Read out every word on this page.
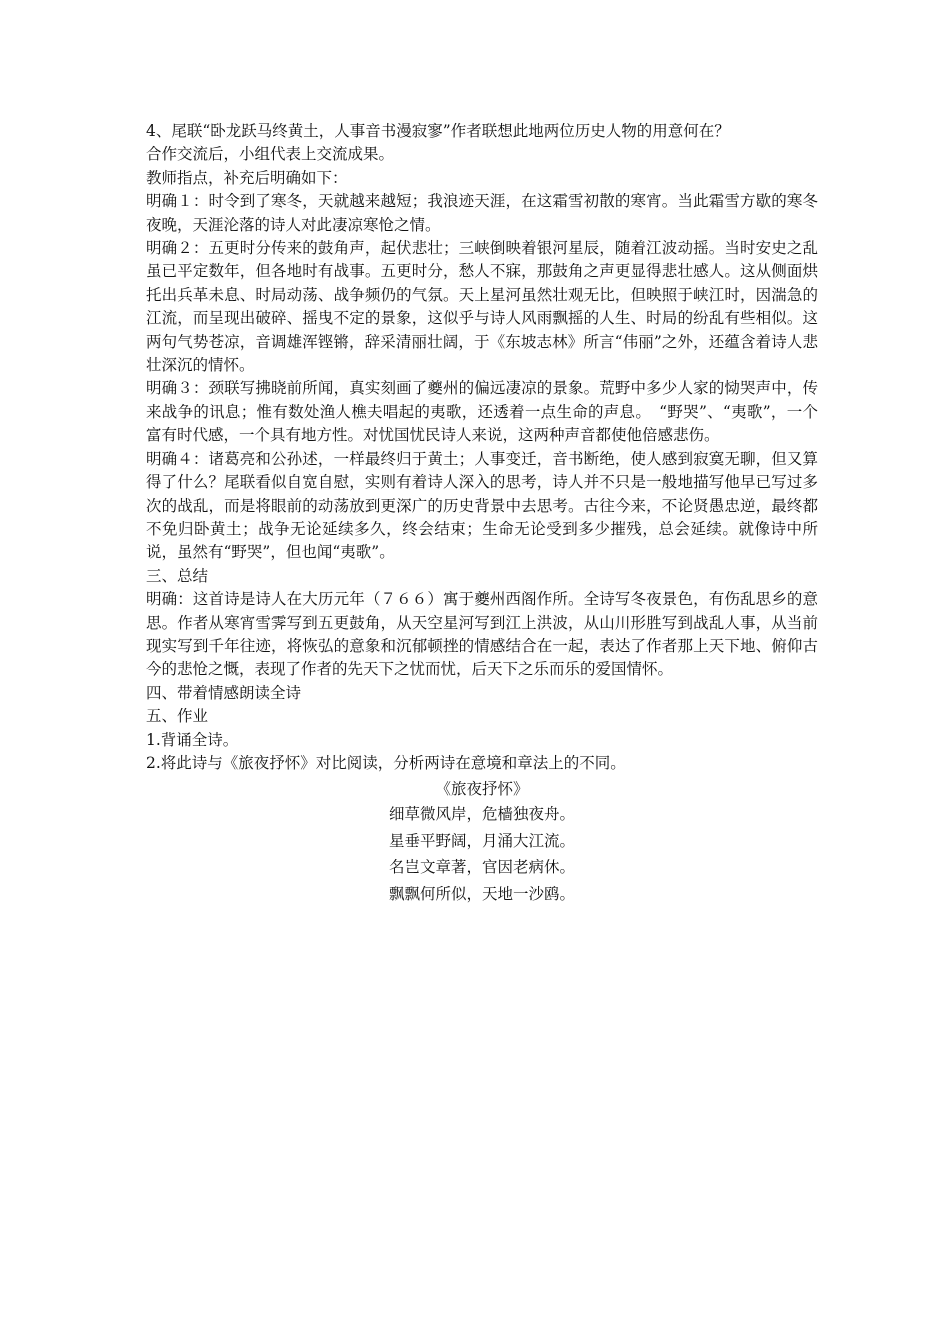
4、尾联“卧龙跃马终黄土，人事音书漫寂寥”作者联想此地两位历史人物的用意何在？

合作交流后，小组代表上交流成果。

教师指点，补充后明确如下：

明确１：时令到了寒冬，天就越来越短；我浪迹天涯，在这霜雪初散的寒宵。当此霜雪方歇的寒冬夜晚，天涯沦落的诗人对此凄凉寒怆之情。

明确２：五更时分传来的鼓角声，起伏悲壮；三峡倒映着银河星辰，随着江波动摇。当时安史之乱虽已平定数年，但各地时有战事。五更时分，愁人不寐，那鼓角之声更显得悲壮感人。这从侧面烘托出兵革未息、时局动荡、战争频仍的气氛。天上星河虽然壮观无比，但映照于峡江时，因湍急的江流，而呈现出破碎、摇曳不定的景象，这似乎与诗人风雨飘摇的人生、时局的纷乱有些相似。这两句气势苍凉，音调雄浑铿锵，辞采清丽壮阔，于《东坡志林》所言“伟丽”之外，还蕴含着诗人悲壮深沉的情怀。

明确３：颈联写拂晓前所闻，真实刻画了夔州的偏远凄凉的景象。荒野中多少人家的恸哭声中，传来战争的讯息；惟有数处渔人樵夫唱起的夷歌，还透着一点生命的声息。　“野哭”、“夷歌”，一个富有时代感，一个具有地方性。对忧国忧民诗人来说，这两种声音都使他倍感悲伤。

明确４：诸葛亮和公孙述，一样最终归于黄土；人事变迁，音书断绝，使人感到寂寞无聊，但又算得了什么？尾联看似自宽自慰，实则有着诗人深入的思考，诗人并不只是一般地描写他早已写过多次的战乱，而是将眼前的动荡放到更深广的历史背景中去思考。古往今来，不论贤愚忠逆，最终都不免归卧黄土；战争无论延续多久，终会结束；生命无论受到多少摧残，总会延续。就像诗中所说，虽然有“野哭”，但也闻“夷歌”。

三、总结

明确：这首诗是诗人在大历元年（７６６）寓于夔州西阁作所。全诗写冬夜景色，有伤乱思乡的意思。作者从寒宵雪霁写到五更鼓角，从天空星河写到江上洪波，从山川形胜写到战乱人事，从当前现实写到千年往迹，将恢弘的意象和沉郁顿挫的情感结合在一起，表达了作者那上天下地、俯仰古今的悲怆之慨，表现了作者的先天下之忧而忧，后天下之乐而乐的爱国情怀。

四、带着情感朗读全诗

五、作业

1.背诵全诗。

2.将此诗与《旅夜抒怀》对比阅读，分析两诗在意境和章法上的不同。

《旅夜抒怀》

细草微风岸，危樯独夜舟。

星垂平野阔，月涌大江流。

名岂文章著，官因老病休。

飘飘何所似，天地一沙鸥。
